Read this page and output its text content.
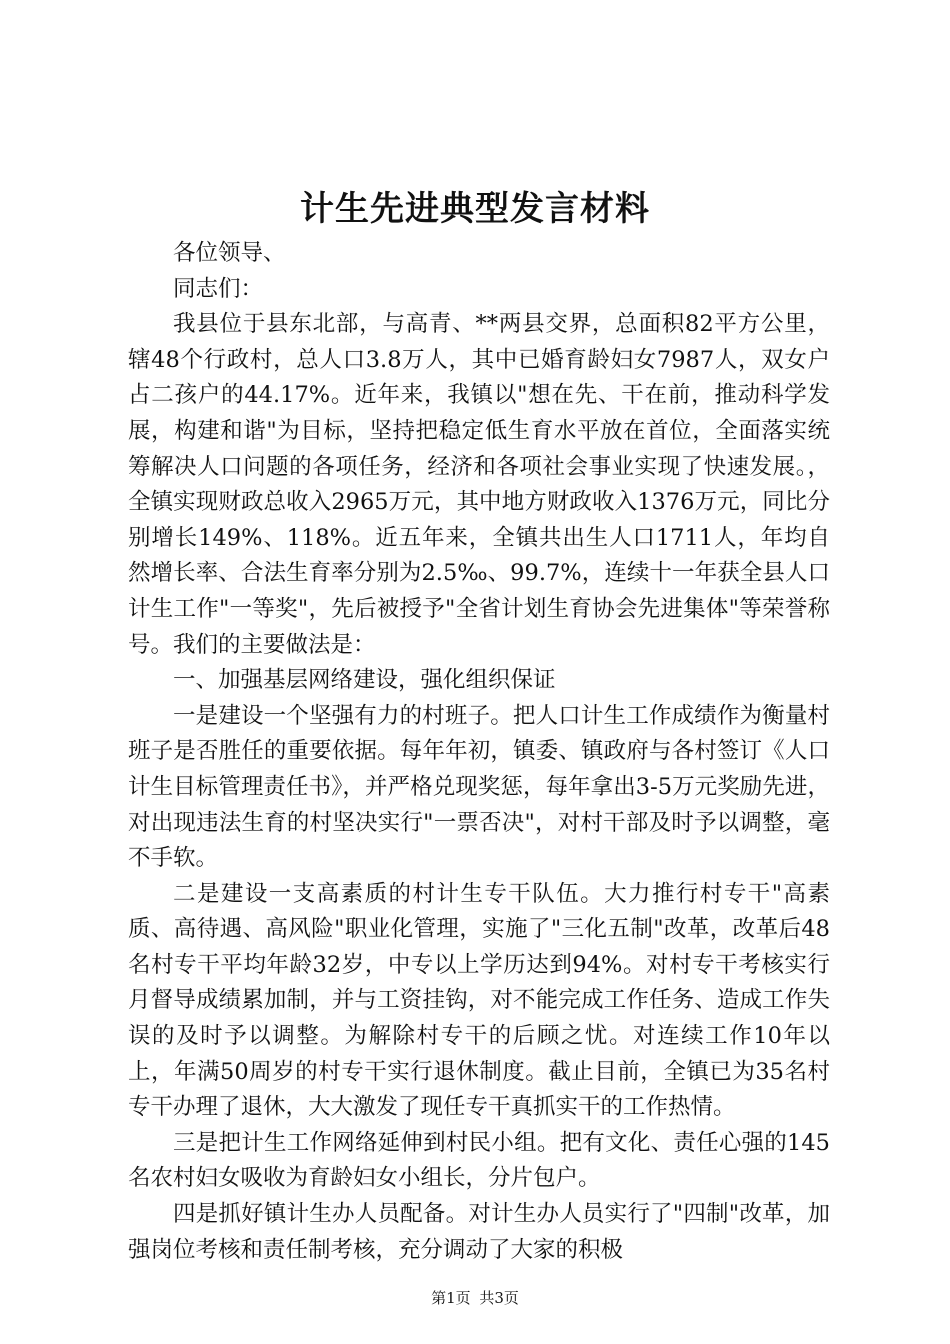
计生先进典型发言材料

各位领导、

同志们：

我县位于县东北部，与高青、**两县交界，总面积82平方公里，辖48个行政村，总人口3.8万人，其中已婚育龄妇女7987人，双女户占二孩户的44.17%。近年来，我镇以"想在先、干在前，推动科学发展，构建和谐"为目标，坚持把稳定低生育水平放在首位，全面落实统筹解决人口问题的各项任务，经济和各项社会事业实现了快速发展。，全镇实现财政总收入2965万元，其中地方财政收入1376万元，同比分别增长149%、118%。近五年来，全镇共出生人口1711人，年均自然增长率、合法生育率分别为2.5‰、99.7%，连续十一年获全县人口计生工作"一等奖"，先后被授予"全省计划生育协会先进集体"等荣誉称号。我们的主要做法是：

一、加强基层网络建设，强化组织保证

一是建设一个坚强有力的村班子。把人口计生工作成绩作为衡量村班子是否胜任的重要依据。每年年初，镇委、镇政府与各村签订《人口计生目标管理责任书》，并严格兑现奖惩，每年拿出3-5万元奖励先进，对出现违法生育的村坚决实行"一票否决"，对村干部及时予以调整，毫不手软。

二是建设一支高素质的村计生专干队伍。大力推行村专干"高素质、高待遇、高风险"职业化管理，实施了"三化五制"改革，改革后48名村专干平均年龄32岁，中专以上学历达到94%。对村专干考核实行月督导成绩累加制，并与工资挂钩，对不能完成工作任务、造成工作失误的及时予以调整。为解除村专干的后顾之忧。对连续工作10年以上，年满50周岁的村专干实行退休制度。截止目前，全镇已为35名村专干办理了退休，大大激发了现任专干真抓实干的工作热情。

三是把计生工作网络延伸到村民小组。把有文化、责任心强的145名农村妇女吸收为育龄妇女小组长，分片包户。

四是抓好镇计生办人员配备。对计生办人员实行了"四制"改革，加强岗位考核和责任制考核，充分调动了大家的积极

第1页 共3页
